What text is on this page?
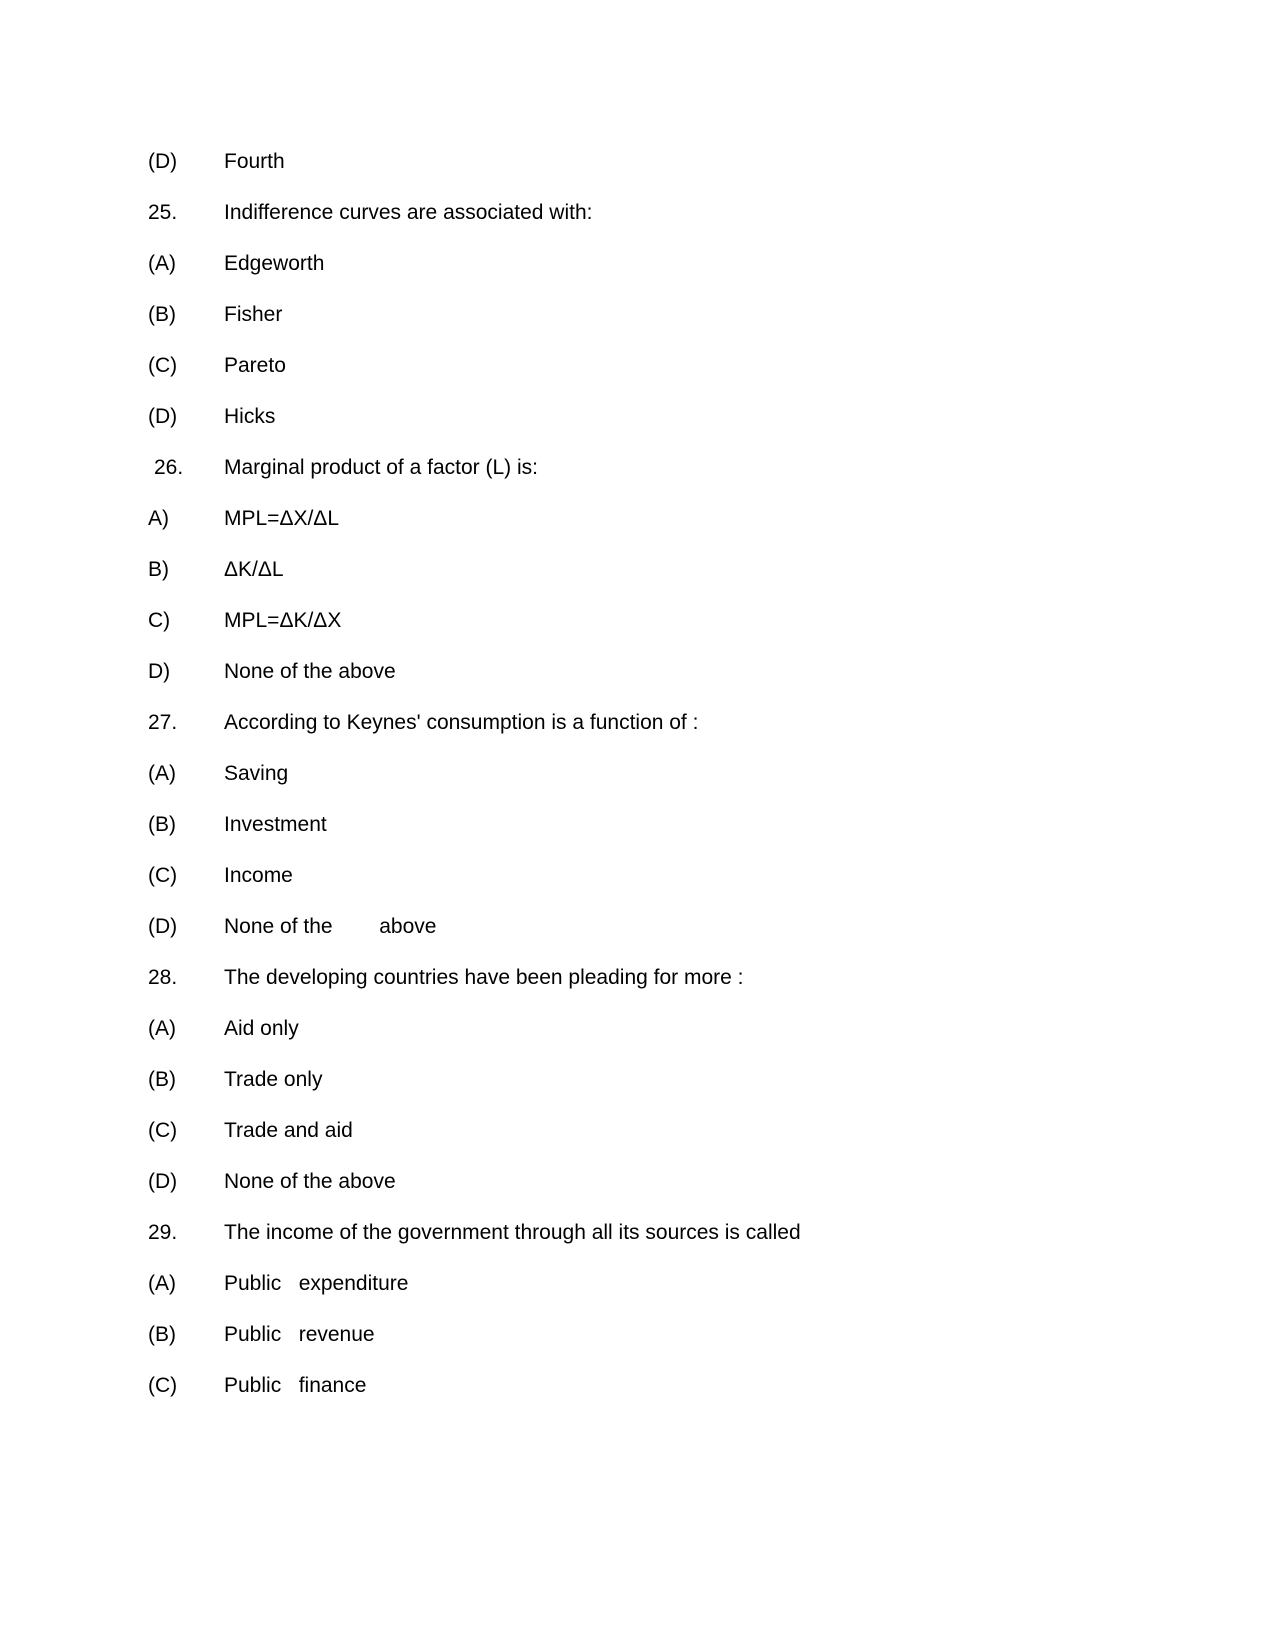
(D) Fourth
25. Indifference curves are associated with:
(A) Edgeworth
(B) Fisher
(C) Pareto
(D) Hicks
26. Marginal product of a factor (L) is:
A)	MPL=ΔX/ΔL
B)	ΔK/ΔL
C)	MPL=ΔK/ΔX
D)	None of the above
27. According to Keynes' consumption is a function of :
(A) Saving
(B) Investment
(C) Income
(D) None of the        above
28. The developing countries have been pleading for more :
(A) Aid only
(B) Trade only
(C) Trade and aid
(D) None of the above
29. The income of the government through all its sources is called
(A) Public   expenditure
(B) Public   revenue
(C) Public   finance
